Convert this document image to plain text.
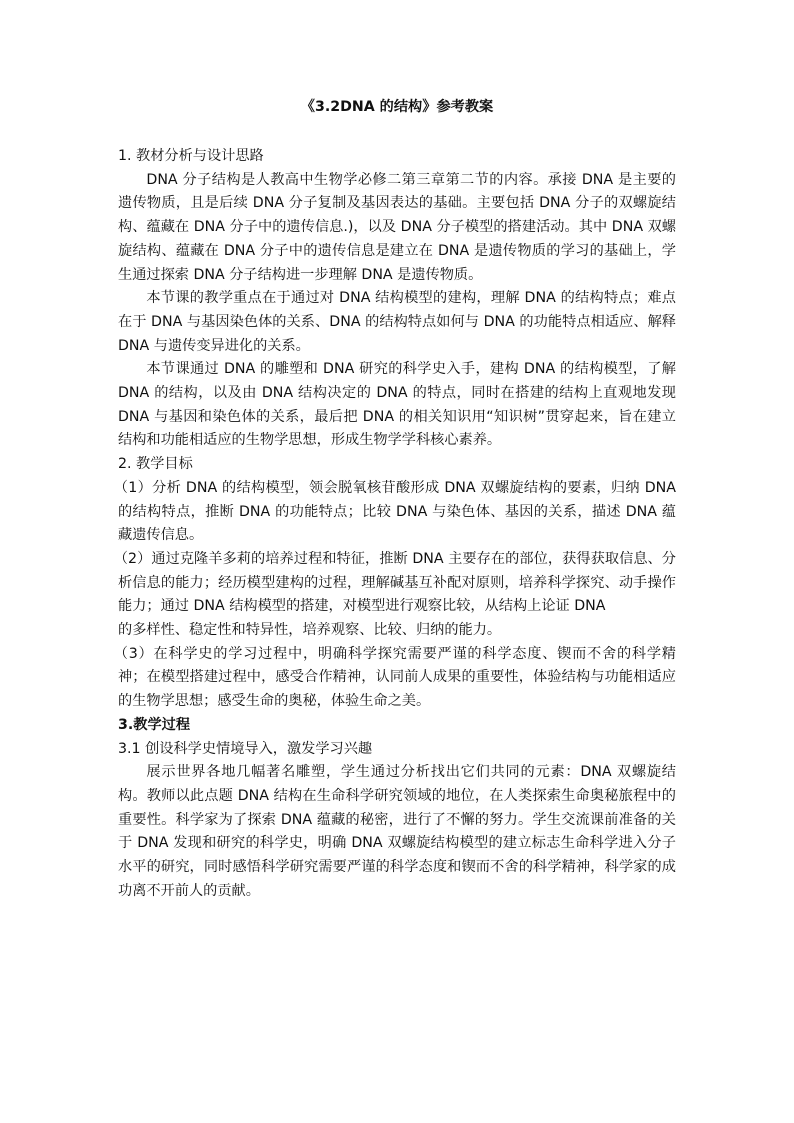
《3.2DNA 的结构》参考教案

1. 教材分析与设计思路

DNA 分子结构是人教高中生物学必修二第三章第二节的内容。承接 DNA 是主要的遗传物质，且是后续 DNA 分子复制及基因表达的基础。主要包括 DNA 分子的双螺旋结构、蕴藏在 DNA 分子中的遗传信息.)，以及 DNA 分子模型的搭建活动。其中 DNA 双螺旋结构、蕴藏在 DNA 分子中的遗传信息是建立在 DNA 是遗传物质的学习的基础上，学生通过探索 DNA 分子结构进一步理解 DNA 是遗传物质。

本节课的教学重点在于通过对 DNA 结构模型的建构，理解 DNA 的结构特点；难点在于 DNA 与基因染色体的关系、DNA 的结构特点如何与 DNA 的功能特点相适应、解释 DNA 与遗传变异进化的关系。

本节课通过 DNA 的雕塑和 DNA 研究的科学史入手，建构 DNA 的结构模型，了解 DNA 的结构，以及由 DNA 结构决定的 DNA 的特点，同时在搭建的结构上直观地发现 DNA 与基因和染色体的关系，最后把 DNA 的相关知识用“知识树”贯穿起来，旨在建立结构和功能相适应的生物学思想，形成生物学学科核心素养。

2. 教学目标

（1）分析 DNA 的结构模型，领会脱氧核苷酸形成 DNA 双螺旋结构的要素，归纳 DNA 的结构特点，推断 DNA 的功能特点；比较 DNA 与染色体、基因的关系，描述 DNA 蕴藏遗传信息。

（2）通过克隆羊多莉的培养过程和特征，推断 DNA 主要存在的部位，获得获取信息、分析信息的能力；经历模型建构的过程，理解碱基互补配对原则，培养科学探究、动手操作能力；通过 DNA 结构模型的搭建，对模型进行观察比较，从结构上论证 DNA

的多样性、稳定性和特异性，培养观察、比较、归纳的能力。

（3）在科学史的学习过程中，明确科学探究需要严谨的科学态度、锲而不舍的科学精神；在模型搭建过程中，感受合作精神，认同前人成果的重要性，体验结构与功能相适应的生物学思想；感受生命的奥秘，体验生命之美。

3.教学过程

3.1 创设科学史情境导入，激发学习兴趣

展示世界各地几幅著名雕塑，学生通过分析找出它们共同的元素：DNA 双螺旋结构。教师以此点题 DNA 结构在生命科学研究领域的地位，在人类探索生命奥秘旅程中的重要性。科学家为了探索 DNA 蕴藏的秘密，进行了不懈的努力。学生交流课前准备的关于 DNA 发现和研究的科学史，明确 DNA 双螺旋结构模型的建立标志生命科学进入分子水平的研究，同时感悟科学研究需要严谨的科学态度和锲而不舍的科学精神，科学家的成功离不开前人的贡献。
